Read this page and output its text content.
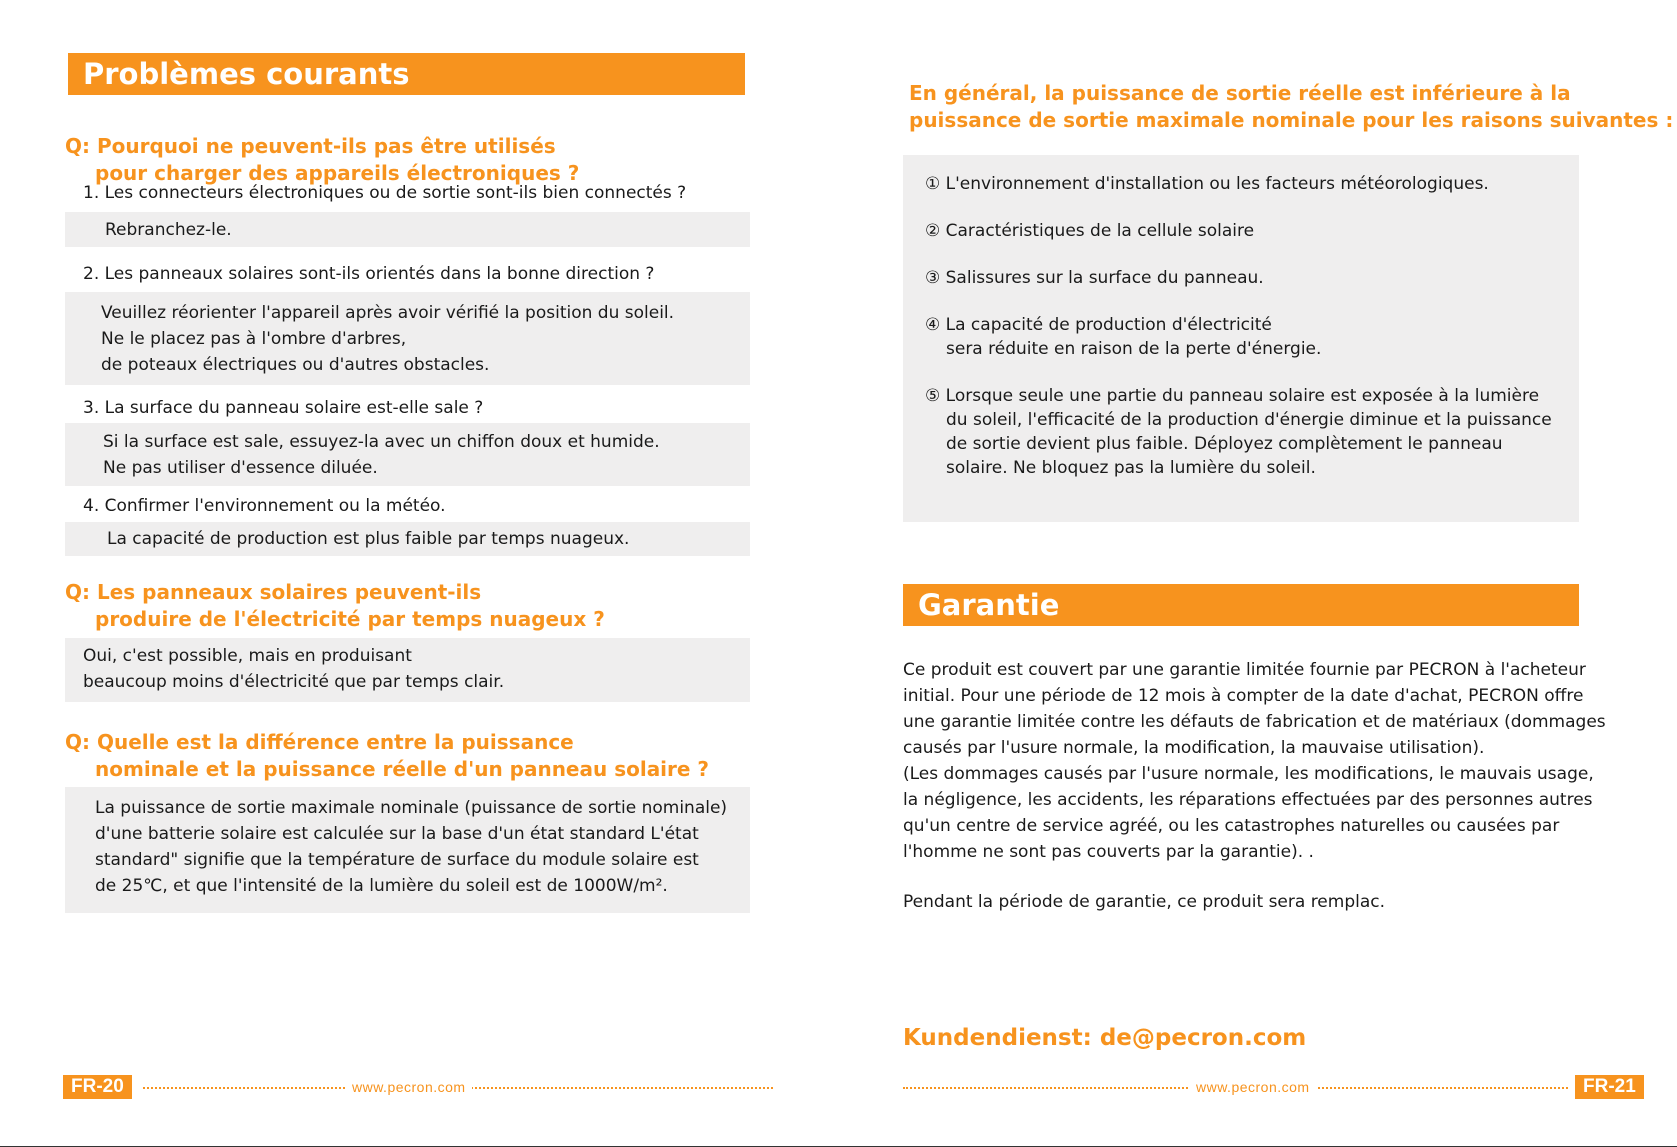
Problèmes courants
Q: Pourquoi ne peuvent-ils pas être utilisés
pour charger des appareils électroniques ?
1. Les connecteurs électroniques ou de sortie sont-ils bien connectés ?
Rebranchez-le.
2. Les panneaux solaires sont-ils orientés dans la bonne direction ?
Veuillez réorienter l'appareil après avoir vérifié la position du soleil.
Ne le placez pas à l'ombre d'arbres,
de poteaux électriques ou d'autres obstacles.
3. La surface du panneau solaire est-elle sale ?
Si la surface est sale, essuyez-la avec un chiffon doux et humide.
Ne pas utiliser d'essence diluée.
4. Confirmer l'environnement ou la météo.
La capacité de production est plus faible par temps nuageux.
Q: Les panneaux solaires peuvent-ils
produire de l'électricité par temps nuageux ?
Oui, c'est possible, mais en produisant
beaucoup moins d'électricité que par temps clair.
Q: Quelle est la différence entre la puissance
nominale et la puissance réelle d'un panneau solaire ?
La puissance de sortie maximale nominale (puissance de sortie nominale)
d'une batterie solaire est calculée sur la base d'un état standard L'état
standard" signifie que la température de surface du module solaire est
de 25℃, et que l'intensité de la lumière du soleil est de 1000W/m².
FR-20	www.pecron.com
En général, la puissance de sortie réelle est inférieure à la
puissance de sortie maximale nominale pour les raisons suivantes :
① L'environnement d'installation ou les facteurs météorologiques.
② Caractéristiques de la cellule solaire
③ Salissures sur la surface du panneau.
④ La capacité de production d'électricité
sera réduite en raison de la perte d'énergie.
⑤ Lorsque seule une partie du panneau solaire est exposée à la lumière
du soleil, l'efficacité de la production d'énergie diminue et la puissance
de sortie devient plus faible. Déployez complètement le panneau
solaire. Ne bloquez pas la lumière du soleil.
Garantie
Ce produit est couvert par une garantie limitée fournie par PECRON à l'acheteur
initial. Pour une période de 12 mois à compter de la date d'achat, PECRON offre
une garantie limitée contre les défauts de fabrication et de matériaux (dommages
causés par l'usure normale, la modification, la mauvaise utilisation).
(Les dommages causés par l'usure normale, les modifications, le mauvais usage,
la négligence, les accidents, les réparations effectuées par des personnes autres
qu'un centre de service agréé, ou les catastrophes naturelles ou causées par
l'homme ne sont pas couverts par la garantie). .
Pendant la période de garantie, ce produit sera remplac.
Kundendienst: de@pecron.com
www.pecron.com	FR-21
